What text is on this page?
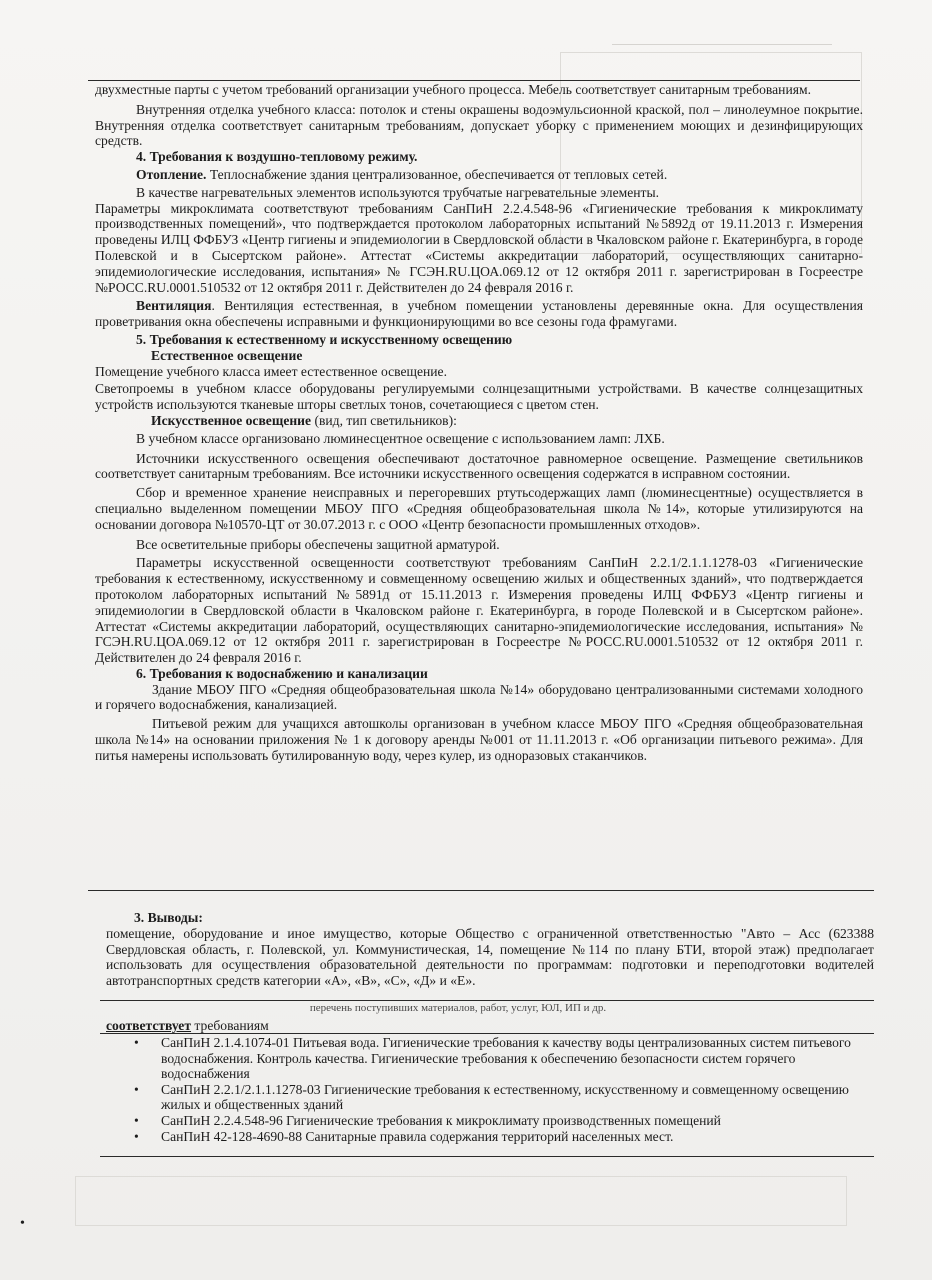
двухместные парты с учетом требований организации учебного процесса. Мебель соответствует санитарным требованиям.

Внутренняя отделка учебного класса: потолок и стены окрашены водоэмульсионной краской, пол – линолеумное покрытие. Внутренняя отделка соответствует санитарным требованиям, допускает уборку с применением моющих и дезинфицирующих средств.

4. Требования к воздушно-тепловому режиму.

Отопление. Теплоснабжение здания централизованное, обеспечивается от тепловых сетей.

В качестве нагревательных элементов используются трубчатые нагревательные элементы.

Параметры микроклимата соответствуют требованиям СанПиН 2.2.4.548-96 «Гигиенические требования к микроклимату производственных помещений», что подтверждается протоколом лабораторных испытаний №5892д от 19.11.2013 г. Измерения проведены ИЛЦ ФФБУЗ «Центр гигиены и эпидемиологии в Свердловской области в Чкаловском районе г. Екатеринбурга, в городе Полевской и в Сысертском районе». Аттестат «Системы аккредитации лабораторий, осуществляющих санитарно-эпидемиологические исследования, испытания» № ГСЭН.RU.ЦОА.069.12 от 12 октября 2011 г. зарегистрирован в Госреестре №РОСС.RU.0001.510532 от 12 октября 2011 г. Действителен до 24 февраля 2016 г.

Вентиляция. Вентиляция естественная, в учебном помещении установлены деревянные окна. Для осуществления проветривания окна обеспечены исправными и функционирующими во все сезоны года фрамугами.

5. Требования к естественному и искусственному освещению

Естественное освещение

Помещение учебного класса имеет естественное освещение.

Светопроемы в учебном классе оборудованы регулируемыми солнцезащитными устройствами. В качестве солнцезащитных устройств используются тканевые шторы светлых тонов, сочетающиеся с цветом стен.

Искусственное освещение (вид, тип светильников):

В учебном классе организовано люминесцентное освещение с использованием ламп: ЛХБ.

Источники искусственного освещения обеспечивают достаточное равномерное освещение. Размещение светильников соответствует санитарным требованиям. Все источники искусственного освещения содержатся в исправном состоянии.

Сбор и временное хранение неисправных и перегоревших ртутьсодержащих ламп (люминесцентные) осуществляется в специально выделенном помещении МБОУ ПГО «Средняя общеобразовательная школа №14», которые утилизируются на основании договора №10570-ЦТ от 30.07.2013 г. с ООО «Центр безопасности промышленных отходов».

Все осветительные приборы обеспечены защитной арматурой.

Параметры искусственной освещенности соответствуют требованиям СанПиН 2.2.1/2.1.1.1278-03 «Гигиенические требования к естественному, искусственному и совмещенному освещению жилых и общественных зданий», что подтверждается протоколом лабораторных испытаний №5891д от 15.11.2013 г. Измерения проведены ИЛЦ ФФБУЗ «Центр гигиены и эпидемиологии в Свердловской области в Чкаловском районе г. Екатеринбурга, в городе Полевской и в Сысертском районе». Аттестат «Системы аккредитации лабораторий, осуществляющих санитарно-эпидемиологические исследования, испытания» № ГСЭН.RU.ЦОА.069.12 от 12 октября 2011 г. зарегистрирован в Госреестре №РОСС.RU.0001.510532 от 12 октября 2011 г. Действителен до 24 февраля 2016 г.

6. Требования к водоснабжению и канализации

Здание МБОУ ПГО «Средняя общеобразовательная школа №14» оборудовано централизованными системами холодного и горячего водоснабжения, канализацией.

Питьевой режим для учащихся автошколы организован в учебном классе МБОУ ПГО «Средняя общеобразовательная школа №14» на основании приложения № 1 к договору аренды №001 от 11.11.2013 г. «Об организации питьевого режима». Для питья намерены использовать бутилированную воду, через кулер, из одноразовых стаканчиков.

3. Выводы:

помещение, оборудование и иное имущество, которые Общество с ограниченной ответственностью "Авто – Асс (623388 Свердловская область, г. Полевской, ул. Коммунистическая, 14, помещение №114 по плану БТИ, второй этаж) предполагает использовать для осуществления образовательной деятельности по программам: подготовки и переподготовки водителей автотранспортных средств категории «А», «В», «С», «Д» и «Е».

перечень поступивших материалов, работ, услуг, ЮЛ, ИП и др.

соответствует требованиям

• СанПиН 2.1.4.1074-01 Питьевая вода. Гигиенические требования к качеству воды централизованных систем питьевого водоснабжения. Контроль качества. Гигиенические требования к обеспечению безопасности систем горячего водоснабжения
• СанПиН 2.2.1/2.1.1.1278-03 Гигиенические требования к естественному, искусственному и совмещенному освещению жилых и общественных зданий
• СанПиН 2.2.4.548-96 Гигиенические требования к микроклимату производственных помещений
• СанПиН 42-128-4690-88 Санитарные правила содержания территорий населенных мест.
•
